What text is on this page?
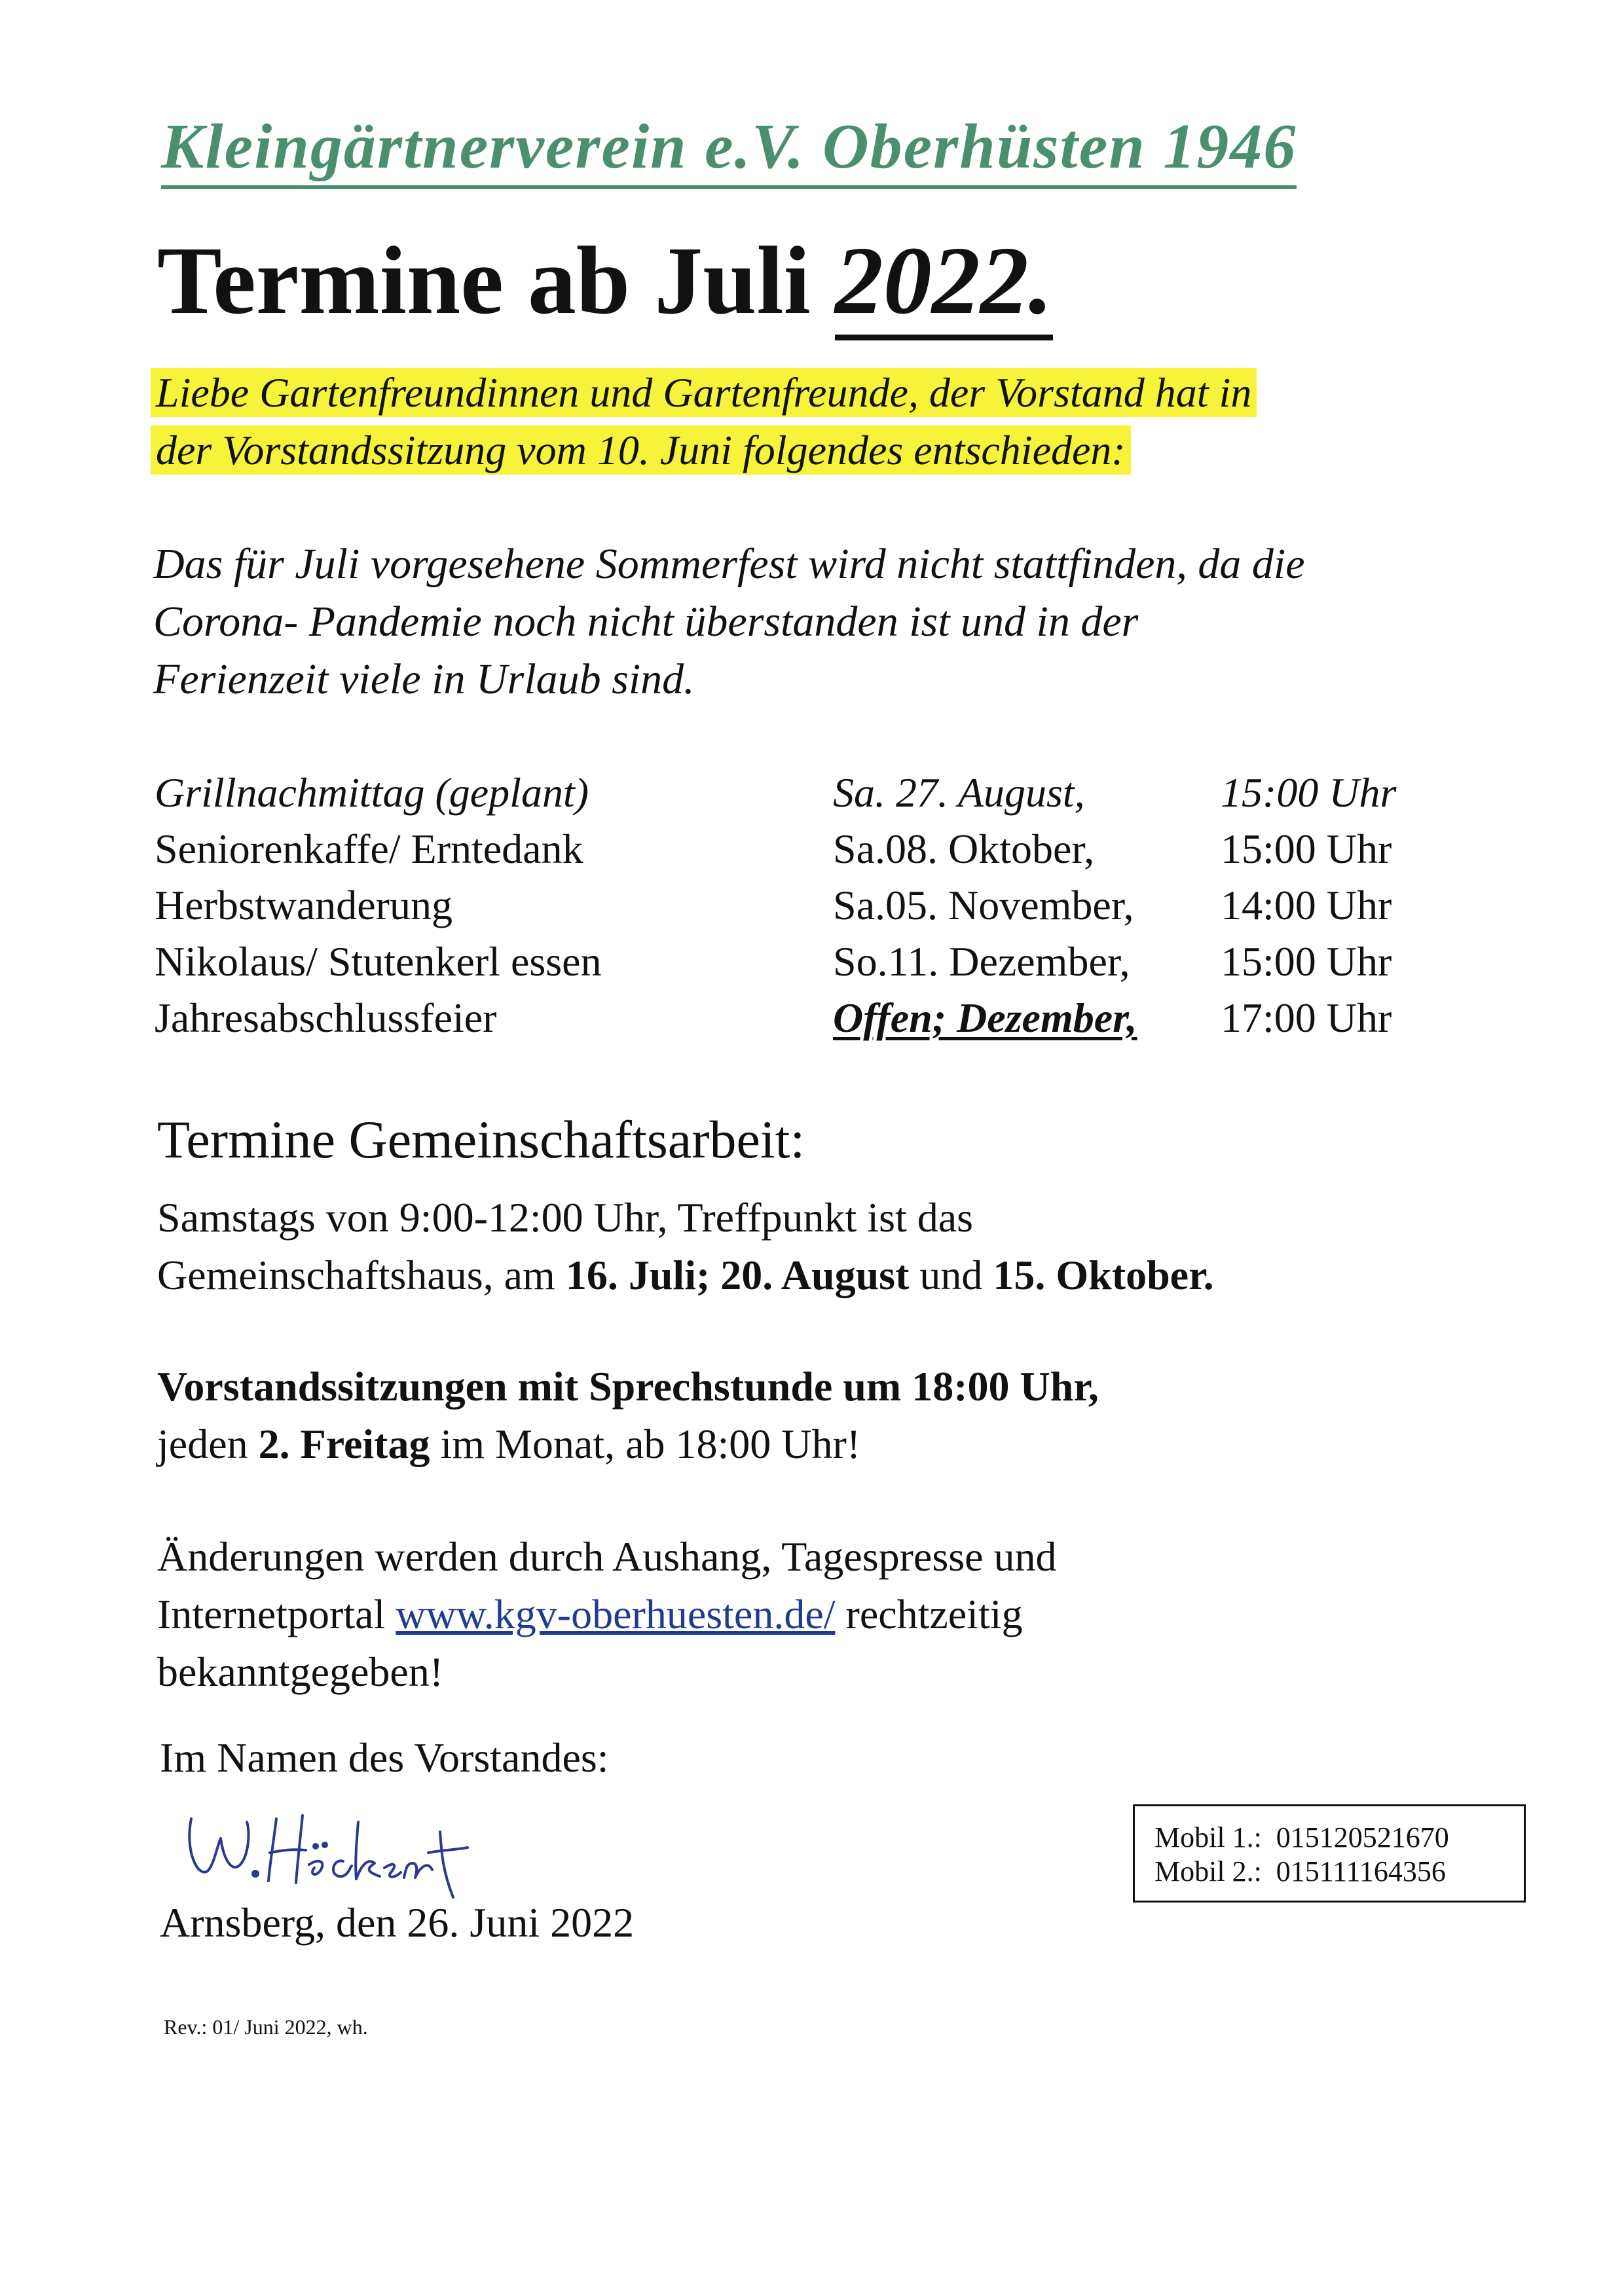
Kleingärtnerverein e.V. Oberhüsten 1946
Termine ab Juli 2022.
Liebe Gartenfreundinnen und Gartenfreunde, der Vorstand hat in
der Vorstandssitzung vom 10. Juni folgendes entschieden:
Das für Juli vorgesehene Sommerfest wird nicht stattfinden, da die
Corona- Pandemie noch nicht überstanden ist und in der
Ferienzeit viele in Urlaub sind.
Grillnachmittag (geplant)	Sa. 27. August,	15:00 Uhr
Seniorenkaffe/ Erntedank	Sa.08. Oktober,	15:00 Uhr
Herbstwanderung	Sa.05. November, 14:00 Uhr
Nikolaus/ Stutenkerl essen	So.11. Dezember, 15:00 Uhr
Jahresabschlussfeier	Offen; Dezember, 17:00 Uhr
Termine Gemeinschaftsarbeit:
Samstags von 9:00-12:00 Uhr, Treffpunkt ist das
Gemeinschaftshaus, am 16. Juli; 20. August und 15. Oktober.
Vorstandssitzungen mit Sprechstunde um 18:00 Uhr,
jeden 2. Freitag im Monat, ab 18:00 Uhr!
Änderungen werden durch Aushang, Tagespresse und
Internetportal www.kgv-oberhuesten.de/ rechtzeitig
bekanntgegeben!
Im Namen des Vorstandes:
W. Höckert
Arnsberg, den 26. Juni 2022
Mobil 1.: 015120521670
Mobil 2.: 015111164356
Rev.: 01/ Juni 2022, wh.
